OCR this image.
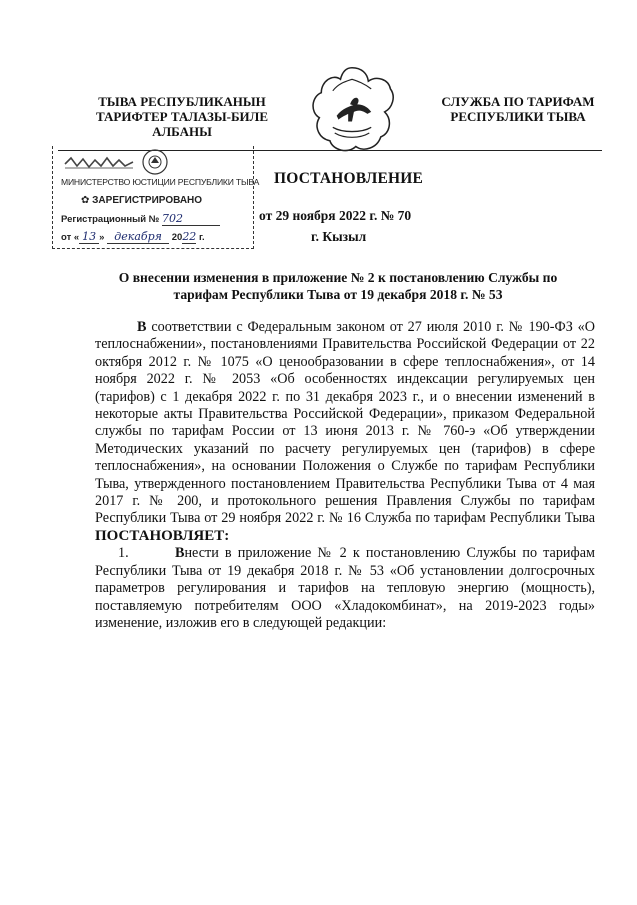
ТЫВА РЕСПУБЛИКАНЫН
ТАРИФТЕР ТАЛАЗЫ-БИЛЕ
АЛБАНЫ
СЛУЖБА ПО ТАРИФАМ
РЕСПУБЛИКИ ТЫВА
МИНИСТЕРСТВО ЮСТИЦИИ РЕСПУБЛИКИ ТЫВА
✿ ЗАРЕГИСТРИРОВАНО
Регистрационный № 702
от « 13 » декабря 2022 г.
ПОСТАНОВЛЕНИЕ
от 29 ноября 2022 г. № 70
г. Кызыл
О внесении изменения в приложение № 2 к постановлению Службы по
тарифам Республики Тыва от 19 декабря 2018 г. № 53

В соответствии с Федеральным законом от 27 июля 2010 г. № 190-ФЗ «О теплоснабжении», постановлениями Правительства Российской Федерации от 22 октября 2012 г. № 1075 «О ценообразовании в сфере теплоснабжения», от 14 ноября 2022 г. № 2053 «Об особенностях индексации регулируемых цен (тарифов) с 1 декабря 2022 г. по 31 декабря 2023 г., и о внесении изменений в некоторые акты Правительства Российской Федерации», приказом Федеральной службы по тарифам России от 13 июня 2013 г. № 760-э «Об утверждении Методических указаний по расчету регулируемых цен (тарифов) в сфере теплоснабжения», на основании Положения о Службе по тарифам Республики Тыва, утвержденного постановлением Правительства Республики Тыва от 4 мая 2017 г. № 200, и протокольного решения Правления Службы по тарифам Республики Тыва от 29 ноября 2022 г. № 16 Служба по тарифам Республики Тыва ПОСТАНОВЛЯЕТ:

1.	Внести в приложение № 2 к постановлению Службы по тарифам Республики Тыва от 19 декабря 2018 г. № 53 «Об установлении долгосрочных параметров регулирования и тарифов на тепловую энергию (мощность), поставляемую потребителям ООО «Хладокомбинат», на 2019-2023 годы» изменение, изложив его в следующей редакции:
